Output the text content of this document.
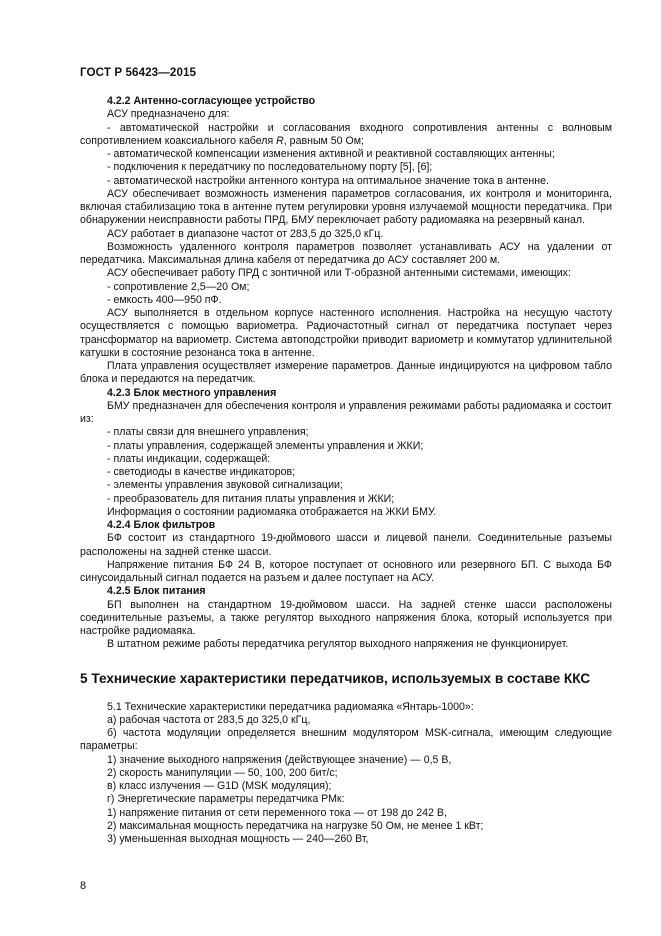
ГОСТ Р 56423—2015

4.2.2 Антенно-согласующее устройство

АСУ предназначено для:

- автоматической настройки и согласования входного сопротивления антенны с волновым сопротивлением коаксиального кабеля R, равным 50 Ом;

- автоматической компенсации изменения активной и реактивной составляющих антенны;

- подключения к передатчику по последовательному порту [5], [6];

- автоматической настройки антенного контура на оптимальное значение тока в антенне.

АСУ обеспечивает возможность изменения параметров согласования, их контроля и мониторинга, включая стабилизацию тока в антенне путем регулировки уровня излучаемой мощности передатчика. При обнаружении неисправности работы ПРД, БМУ переключает работу радиомаяка на резервный канал.

АСУ работает в диапазоне частот от 283,5 до 325,0 кГц.

Возможность удаленного контроля параметров позволяет устанавливать АСУ на удалении от передатчика. Максимальная длина кабеля от передатчика до АСУ составляет 200 м.

АСУ обеспечивает работу ПРД с зонтичной или Т-образной антенными системами, имеющих:

- сопротивление 2,5—20 Ом;

- емкость 400—950 пФ.

АСУ выполняется в отдельном корпусе настенного исполнения. Настройка на несущую частоту осуществляется с помощью вариометра. Радиочастотный сигнал от передатчика поступает через трансформатор на вариометр. Система автоподстройки приводит вариометр и коммутатор удлинительной катушки в состояние резонанса тока в антенне.

Плата управления осуществляет измерение параметров. Данные индицируются на цифровом табло блока и передаются на передатчик.

4.2.3 Блок местного управления

БМУ предназначен для обеспечения контроля и управления режимами работы радиомаяка и состоит из:

- платы связи для внешнего управления;

- платы управления, содержащей элементы управления и ЖКИ;

- платы индикации, содержащей:

- светодиоды в качестве индикаторов;

- элементы управления звуковой сигнализации;

- преобразователь для питания платы управления и ЖКИ;

Информация о состоянии радиомаяка отображается на ЖКИ БМУ.

4.2.4 Блок фильтров

БФ состоит из стандартного 19-дюймового шасси и лицевой панели. Соединительные разъемы расположены на задней стенке шасси.

Напряжение питания БФ 24 В, которое поступает от основного или резервного БП. С выхода БФ синусоидальный сигнал подается на разъем и далее поступает на АСУ.

4.2.5 Блок питания

БП выполнен на стандартном 19-дюймовом шасси. На задней стенке шасси расположены соединительные разъемы, а также регулятор выходного напряжения блока, который используется при настройке радиомаяка.

В штатном режиме работы передатчика регулятор выходного напряжения не функционирует.

5 Технические характеристики передатчиков, используемых в составе ККС

5.1 Технические характеристики передатчика радиомаяка «Янтарь-1000»:

а) рабочая частота от 283,5 до 325,0 кГц,

б) частота модуляции определяется внешним модулятором MSK-сигнала, имеющим следующие параметры:

1) значение выходного напряжения (действующее значение) — 0,5 В,

2) скорость манипуляции — 50, 100, 200 бит/с;

в) класс излучения — G1D (MSK модуляция);

г) Энергетические параметры передатчика РМк:

1) напряжение питания от сети переменного тока — от 198 до 242 В,

2) максимальная мощность передатчика на нагрузке 50 Ом, не менее 1 кВт;

3) уменьшенная выходная мощность — 240—260 Вт,

8
